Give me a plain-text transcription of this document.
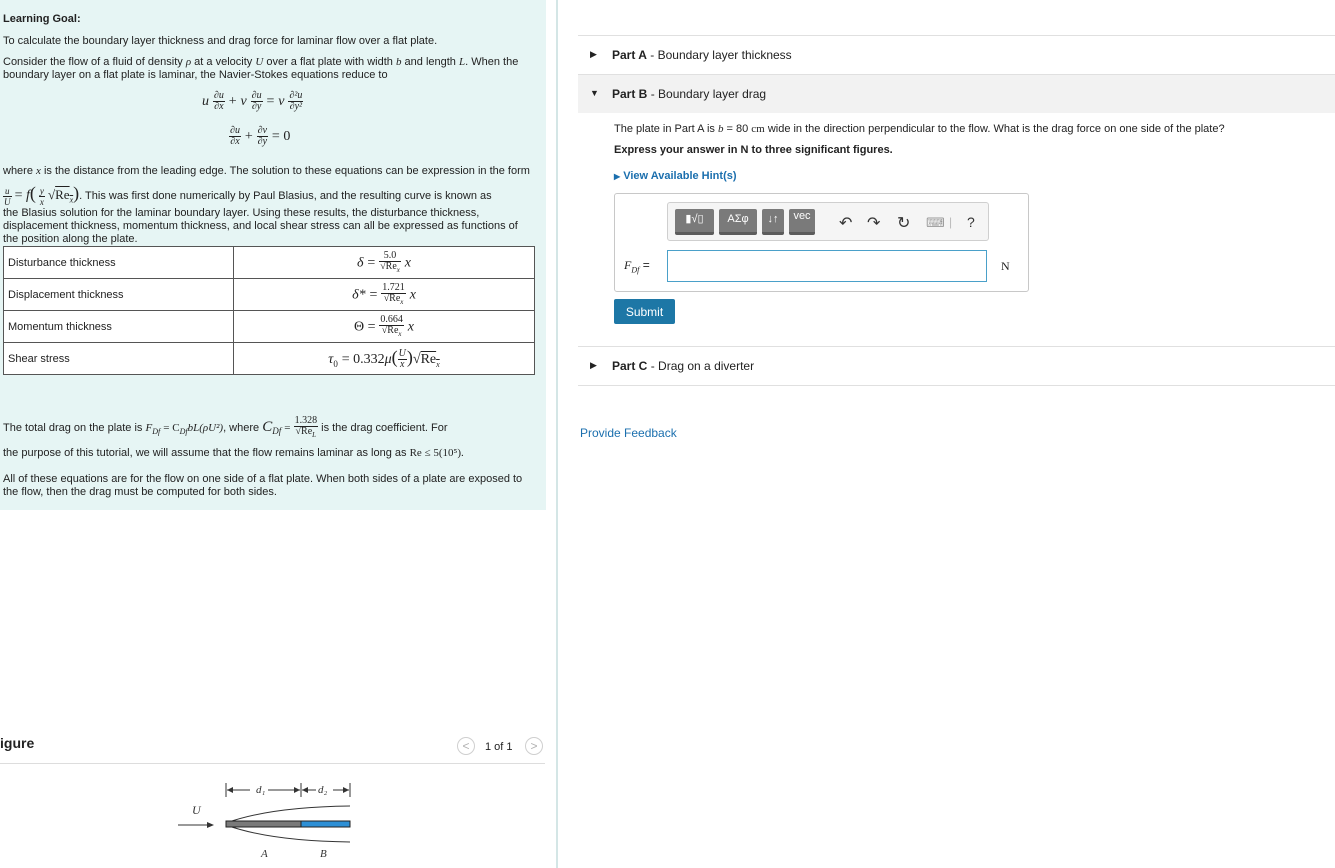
Learning Goal:

To calculate the boundary layer thickness and drag force for laminar flow over a flat plate.

Consider the flow of a fluid of density ρ at a velocity U over a flat plate with width b and length L. When the boundary layer on a flat plate is laminar, the Navier-Stokes equations reduce to

u $\frac{\partial u}{\partial x} + v \frac{\partial u}{\partial y} = \nu \frac{\text{∂²u}}{\text{∂y²}}$
$\frac{\partial u}{\partial x} + \frac{\partial v}{\partial y} = 0$

where x is the distance from the leading edge. The solution to these equations can be expression in the form

$\frac{u}{U} = f( \frac{y}{x} √Re_x)$. This was first done numerically by Paul Blasius, and the resulting curve is known as

the Blasius solution for the laminar boundary layer. Using these results, the disturbance thickness, displacement thickness, momentum thickness, and local shear stress can all be expressed as functions of the position along the plate.

Disturbance thickness	$\delta = \frac{5.0}{√Re_x}$ x
Displacement thickness	$\delta* = \frac{1.721}{√Re_x}$ x
Momentum thickness	$\Theta = \frac{0.664}{√Re_x}$ x
Shear stress	$\tau_0 = 0.332\mu( \frac{U}{x} )√Re_x$

The total drag on the plate is $F_{Df} = C_{Df}bL(\rho U^2)$, where $C_{Df} = \frac{1.328}{√Re_L}$ is the drag coefficient. For

the purpose of this tutorial, we will assume that the flow remains laminar as long as Re ≤ 5(10⁵).

All of these equations are for the flow on one side of a flat plate. When both sides of a plate are exposed to the flow, then the drag must be computed for both sides.

igure	<	1 of 1	>
d₁	d₂
U
A	B
▶ Part A - Boundary layer thickness
▼ Part B - Boundary layer drag
The plate in Part A is b = 80 cm wide in the direction perpendicular to the flow. What is the drag force on one side of the plate?
Express your answer in N to three significant figures.
▶ View Available Hint(s)
▮√▯	ΑΣφ	↓↑	vec ↶ ↷ ↻ ⌨ | ?
$F_{Df}$ =	N
Submit
▶ Part C - Drag on a diverter
Provide Feedback
